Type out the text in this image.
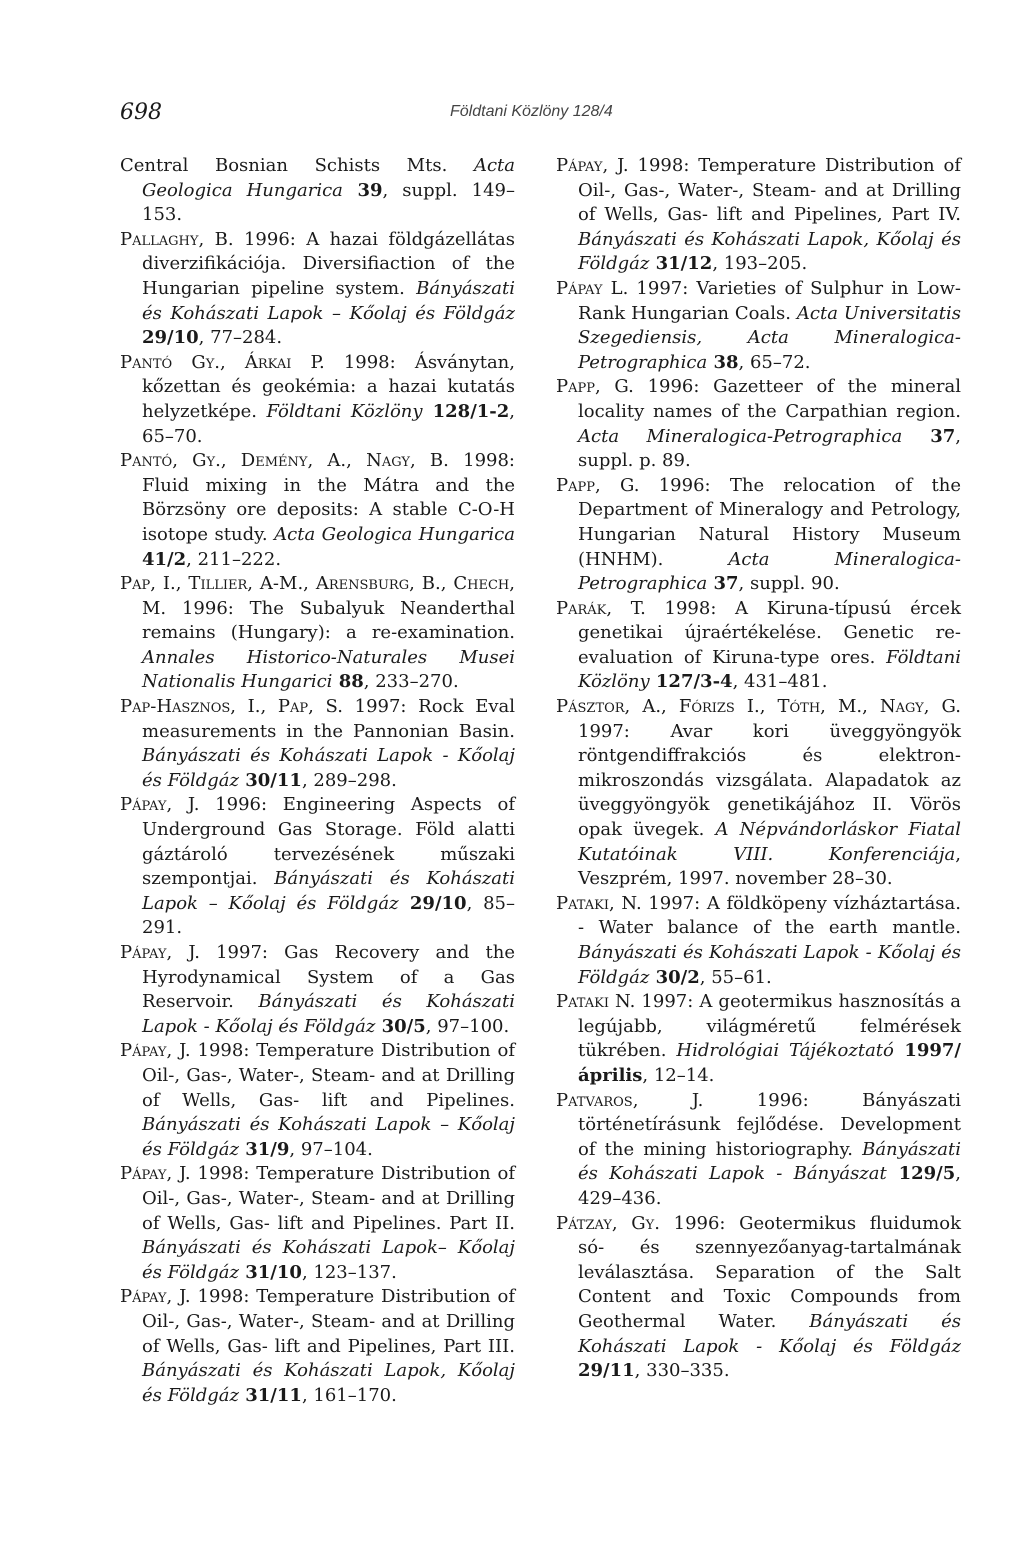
698	Földtani Közlöny 128/4

Central Bosnian Schists Mts. Acta Geologica Hungarica 39, suppl. 149–153.

Pallaghy, B. 1996: A hazai földgázellátas diverzifikációja. Diversifiaction of the Hungarian pipeline system. Bányászati és Kohászati Lapok – Kőolaj és Földgáz 29/10, 77–284.

Pantó Gy., Árkai P. 1998: Ásványtan, kőzettan és geokémia: a hazai kutatás helyzetképe. Földtani Közlöny 128/1-2, 65–70.

Pantó, Gy., Demény, A., Nagy, B. 1998: Fluid mixing in the Mátra and the Börzsöny ore deposits: A stable C-O-H isotope study. Acta Geologica Hungarica 41/2, 211–222.

Pap, I., Tillier, A-M., Arensburg, B., Chech, M. 1996: The Subalyuk Neanderthal remains (Hungary): a re-examination. Annales Historico-Naturales Musei Nationalis Hungarici 88, 233–270.

Pap-Hasznos, I., Pap, S. 1997: Rock Eval measurements in the Pannonian Basin. Bányászati és Kohászati Lapok - Kőolaj és Földgáz 30/11, 289–298.

Pápay, J. 1996: Engineering Aspects of Underground Gas Storage. Föld alatti gáztároló tervezésének műszaki szempontjai. Bányászati és Kohászati Lapok – Kőolaj és Földgáz 29/10, 85–291.

Pápay, J. 1997: Gas Recovery and the Hyrodynamical System of a Gas Reservoir. Bányászati és Kohászati Lapok - Kőolaj és Földgáz 30/5, 97–100.

Pápay, J. 1998: Temperature Distribution of Oil-, Gas-, Water-, Steam- and at Drilling of Wells, Gas- lift and Pipelines. Bányászati és Kohászati Lapok – Kőolaj és Földgáz 31/9, 97–104.

Pápay, J. 1998: Temperature Distribution of Oil-, Gas-, Water-, Steam- and at Drilling of Wells, Gas- lift and Pipelines. Part II. Bányászati és Kohászati Lapok– Kőolaj és Földgáz 31/10, 123–137.

Pápay, J. 1998: Temperature Distribution of Oil-, Gas-, Water-, Steam- and at Drilling of Wells, Gas- lift and Pipelines, Part III. Bányászati és Kohászati Lapok, Kőolaj és Földgáz 31/11, 161–170.

Pápay, J. 1998: Temperature Distribution of Oil-, Gas-, Water-, Steam- and at Drilling of Wells, Gas- lift and Pipelines, Part IV. Bányászati és Kohászati Lapok, Kőolaj és Földgáz 31/12, 193–205.

Pápay L. 1997: Varieties of Sulphur in Low-Rank Hungarian Coals. Acta Universitatis Szegediensis, Acta Mineralogica-Petrographica 38, 65–72.

Papp, G. 1996: Gazetteer of the mineral locality names of the Carpathian region. Acta Mineralogica-Petrographica 37, suppl. p. 89.

Papp, G. 1996: The relocation of the Department of Mineralogy and Petrology, Hungarian Natural History Museum (HNHM). Acta Mineralogica-Petrographica 37, suppl. 90.

Parák, T. 1998: A Kiruna-típusú ércek genetikai újraértékelése. Genetic re-evaluation of Kiruna-type ores. Földtani Közlöny 127/3-4, 431–481.

Pásztor, A., Fórizs I., Tóth, M., Nagy, G. 1997: Avar kori üveggyöngyök röntgendiffrakciós és elektron-mikroszondás vizsgálata. Alapadatok az üveggyöngyök genetikájához II. Vörös opak üvegek. A Népvándorláskor Fiatal Kutatóinak VIII. Konferenciája, Veszprém, 1997. november 28–30.

Pataki, N. 1997: A földköpeny vízháztartása. - Water balance of the earth mantle. Bányászati és Kohászati Lapok - Kőolaj és Földgáz 30/2, 55–61.

Pataki N. 1997: A geotermikus hasznosítás a legújabb, világméretű felmérések tükrében. Hidrológiai Tájékoztató 1997/április, 12–14.

Patvaros, J. 1996: Bányászati történetírásunk fejlődése. Development of the mining historiography. Bányászati és Kohászati Lapok - Bányászat 129/5, 429–436.

Pátzay, Gy. 1996: Geotermikus fluidumok só- és szennyezőanyag-tartalmának leválasztása. Separation of the Salt Content and Toxic Compounds from Geothermal Water. Bányászati és Kohászati Lapok - Kőolaj és Földgáz 29/11, 330–335.
